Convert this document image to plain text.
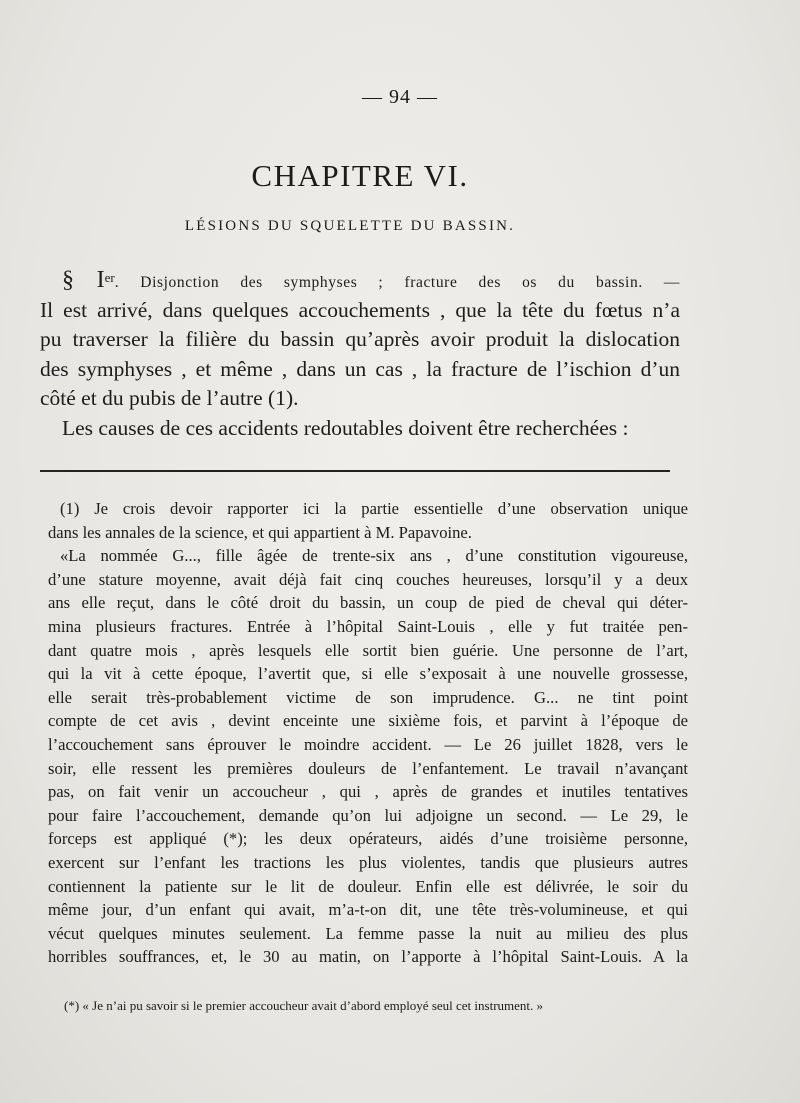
— 94 —
CHAPITRE VI.
LÉSIONS DU SQUELETTE DU BASSIN.
§ Ier. Disjonction des symphyses ; fracture des os du bassin. —
Il est arrivé, dans quelques accouchements , que la tête du fœtus n’a
pu traverser la filière du bassin qu’après avoir produit la dislocation
des symphyses , et même , dans un cas , la fracture de l’ischion d’un
côté et du pubis de l’autre (1).
Les causes de ces accidents redoutables doivent être recherchées :
(1) Je crois devoir rapporter ici la partie essentielle d’une observation unique
dans les annales de la science, et qui appartient à M. Papavoine.
«La nommée G..., fille âgée de trente-six ans , d’une constitution vigoureuse,
d’une stature moyenne, avait déjà fait cinq couches heureuses, lorsqu’il y a deux
ans elle reçut, dans le côté droit du bassin, un coup de pied de cheval qui déter-
mina plusieurs fractures. Entrée à l’hôpital Saint-Louis , elle y fut traitée pen-
dant quatre mois , après lesquels elle sortit bien guérie. Une personne de l’art,
qui la vit à cette époque, l’avertit que, si elle s’exposait à une nouvelle grossesse,
elle serait très-probablement victime de son imprudence. G... ne tint point
compte de cet avis , devint enceinte une sixième fois, et parvint à l’époque de
l’accouchement sans éprouver le moindre accident. — Le 26 juillet 1828, vers le
soir, elle ressent les premières douleurs de l’enfantement. Le travail n’avançant
pas, on fait venir un accoucheur , qui , après de grandes et inutiles tentatives
pour faire l’accouchement, demande qu’on lui adjoigne un second. — Le 29, le
forceps est appliqué (*); les deux opérateurs, aidés d’une troisième personne,
exercent sur l’enfant les tractions les plus violentes, tandis que plusieurs autres
contiennent la patiente sur le lit de douleur. Enfin elle est délivrée, le soir du
même jour, d’un enfant qui avait, m’a-t-on dit, une tête très-volumineuse, et qui
vécut quelques minutes seulement. La femme passe la nuit au milieu des plus
horribles souffrances, et, le 30 au matin, on l’apporte à l’hôpital Saint-Louis. A la
(*) « Je n’ai pu savoir si le premier accoucheur avait d’abord employé seul cet instrument. »
